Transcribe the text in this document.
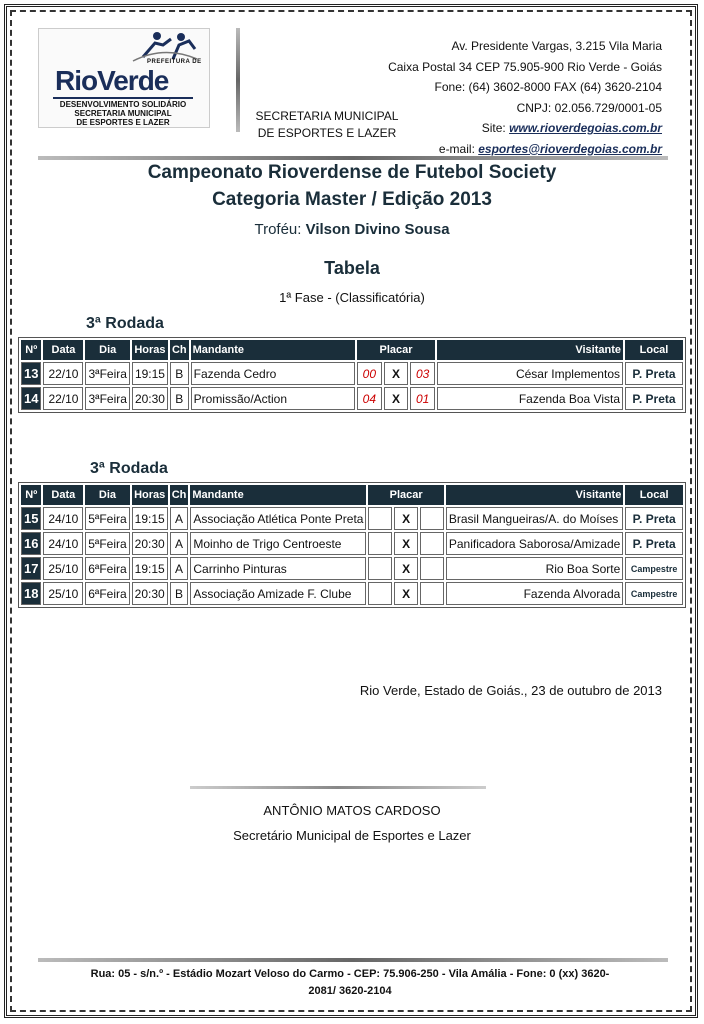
PREFEITURA DE
RioVerde
DESENVOLVIMENTO SOLIDÁRIO
SECRETARIA MUNICIPAL
DE ESPORTES E LAZER	SECRETARIA MUNICIPAL
DE ESPORTES E LAZER
Av. Presidente Vargas, 3.215 Vila Maria
Caixa Postal 34 CEP 75.905-900 Rio Verde - Goiás
Fone: (64) 3602-8000 FAX (64) 3620-2104
CNPJ: 02.056.729/0001-05
Site: www.rioverdegoias.com.br
e-mail: esportes@rioverdegoias.com.br
Campeonato Rioverdense de Futebol Society
Categoria Master / Edição 2013
Troféu: Vilson Divino Sousa
Tabela
1ª Fase - (Classificatória)
3ª Rodada
Nº	Data	Dia	Horas	Ch	Mandante	Placar			Visitante	Local
13	22/10	3ªFeira	19:15	B	Fazenda Cedro	00	X	03	César Implementos	P. Preta
14	22/10	3ªFeira	20:30	B	Promissão/Action	04	X	01	Fazenda Boa Vista	P. Preta
3ª Rodada
Nº	Data	Dia	Horas	Ch	Mandante	Placar			Visitante	Local
15	24/10	5ªFeira	19:15	A	Associação Atlética Ponte Preta		X		Brasil Mangueiras/A. do Moíses	P. Preta
16	24/10	5ªFeira	20:30	A	Moinho de Trigo Centroeste		X		Panificadora Saborosa/Amizade	P. Preta
17	25/10	6ªFeira	19:15	A	Carrinho Pinturas		X		Rio Boa Sorte	Campestre
18	25/10	6ªFeira	20:30	B	Associação Amizade F. Clube		X		Fazenda Alvorada	Campestre
Rio Verde, Estado de Goiás., 23 de outubro de 2013
ANTÔNIO MATOS CARDOSO
Secretário Municipal de Esportes e Lazer
Rua: 05 - s/n.º - Estádio Mozart Veloso do Carmo - CEP: 75.906-250 - Vila Amália - Fone: 0 (xx) 3620-
2081/ 3620-2104
